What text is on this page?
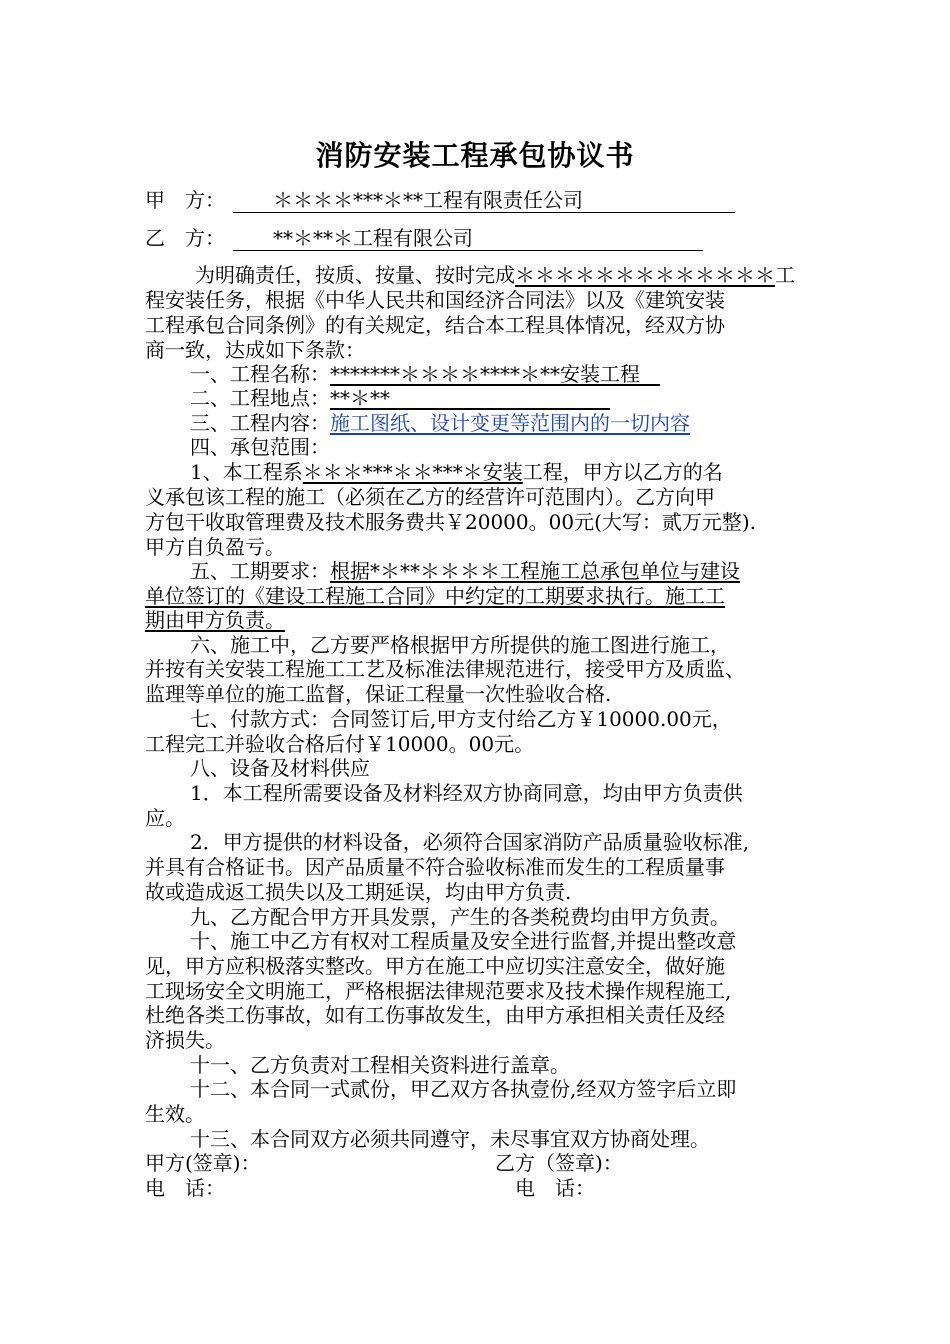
消防安装工程承包协议书
甲　方：　　＊＊＊＊***＊**工程有限责任公司
乙　方：　　**＊**＊工程有限公司
为明确责任，按质、按量、按时完成＊＊＊＊＊＊＊＊＊＊＊＊＊工
程安装任务，根据《中华人民共和国经济合同法》以及《建筑安装
工程承包合同条例》的有关规定，结合本工程具体情况，经双方协
商一致，达成如下条款：
一、工程名称：*******＊＊＊＊****＊**安装工程　
二、工程地点：**＊**　　　　　　　　　　　
三、工程内容：施工图纸、设计变更等范围内的一切内容
四、承包范围：
1、本工程系＊＊＊***＊＊***＊安装工程，甲方以乙方的名
义承包该工程的施工（必须在乙方的经营许可范围内）。乙方向甲
方包干收取管理费及技术服务费共￥20000。00元(大写：贰万元整).
甲方自负盈亏。
五、工期要求：根据*＊**＊＊＊＊工程施工总承包单位与建设
单位签订的《建设工程施工合同》中约定的工期要求执行。施工工
期由甲方负责。
六、施工中，乙方要严格根据甲方所提供的施工图进行施工，
并按有关安装工程施工工艺及标准法律规范进行，接受甲方及质监、
监理等单位的施工监督，保证工程量一次性验收合格.
七、付款方式：合同签订后,甲方支付给乙方￥10000.00元，
工程完工并验收合格后付￥10000。00元。
八、设备及材料供应
1．本工程所需要设备及材料经双方协商同意，均由甲方负责供
应。
2．甲方提供的材料设备，必须符合国家消防产品质量验收标准,
并具有合格证书。因产品质量不符合验收标准而发生的工程质量事
故或造成返工损失以及工期延误，均由甲方负责.
九、乙方配合甲方开具发票，产生的各类税费均由甲方负责。
十、施工中乙方有权对工程质量及安全进行监督,并提出整改意
见，甲方应积极落实整改。甲方在施工中应切实注意安全，做好施
工现场安全文明施工，严格根据法律规范要求及技术操作规程施工,
杜绝各类工伤事故，如有工伤事故发生，由甲方承担相关责任及经
济损失。
十一、乙方负责对工程相关资料进行盖章。
十二、本合同一式贰份，甲乙双方各执壹份,经双方签字后立即
生效。
十三、本合同双方必须共同遵守，未尽事宜双方协商处理。
甲方(签章)：	乙方（签章)：
电　话：	电　话：
